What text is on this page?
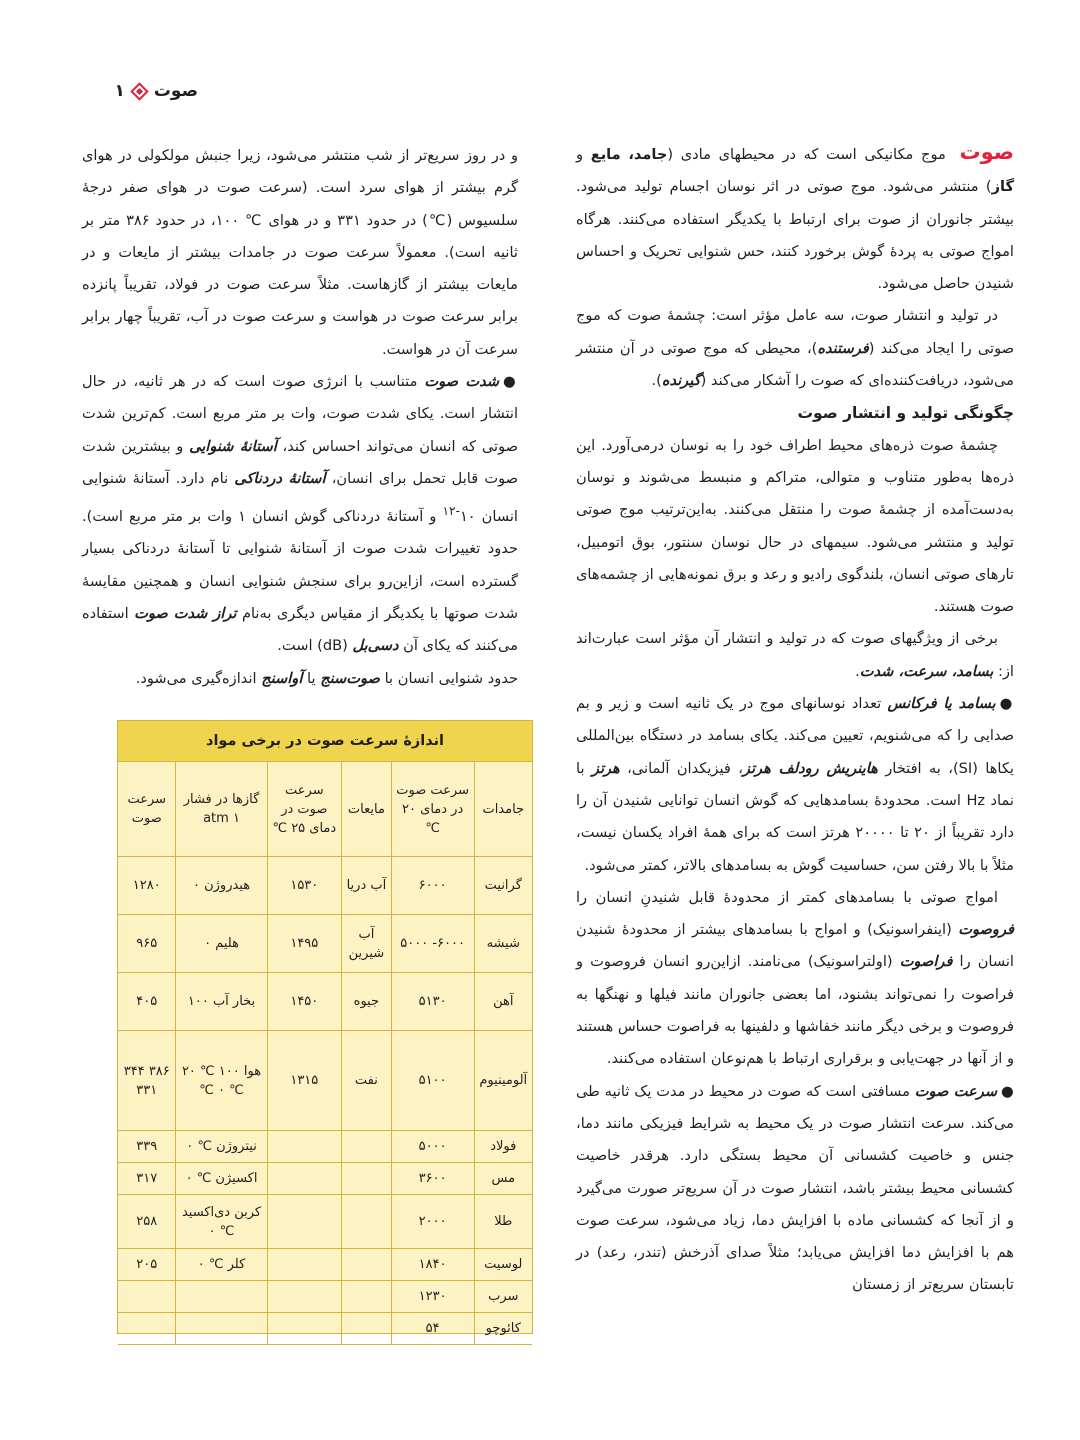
صوت
۱

صوت موج مکانیکی است که در محیطهای مادی (جامد، مایع و گاز) منتشر می‌شود. موج صوتی در اثر نوسان اجسام تولید می‌شود. بیشتر جانوران از صوت برای ارتباط با یکدیگر استفاده می‌کنند. هرگاه امواج صوتی به پردهٔ گوش برخورد کنند، حس شنوایی تحریک و احساس شنیدن حاصل می‌شود.

در تولید و انتشار صوت، سه عامل مؤثر است: چشمهٔ صوت که موج صوتی را ایجاد می‌کند (فرستنده)، محیطی که موج صوتی در آن منتشر می‌شود، دریافت‌کننده‌ای که صوت را آشکار می‌کند (گیرنده).

چگونگی تولید و انتشار صوت

چشمهٔ صوت ذره‌های محیط اطراف خود را به نوسان درمی‌آورد. این ذره‌ها به‌طور متناوب و متوالی، متراکم و منبسط می‌شوند و نوسان به‌دست‌آمده از چشمهٔ صوت را منتقل می‌کنند. به‌این‌ترتیب موج صوتی تولید و منتشر می‌شود. سیمهای در حال نوسان سنتور، بوق اتومبیل، تارهای صوتی انسان، بلندگوی رادیو و رعد و برق نمونه‌هایی از چشمه‌های صوت هستند.

برخی از ویژگیهای صوت که در تولید و انتشار آن مؤثر است عبارت‌اند از: بسامد، سرعت، شدت.

●بسامد یا فرکانس تعداد نوسانهای موج در یک ثانیه است و زیر و بم صدایی را که می‌شنویم، تعیین می‌کند. یکای بسامد در دستگاه بین‌المللی یکاها (SI)، به افتخار هاینریش رودلف هرتز، فیزیکدان آلمانی، هرتز با نماد Hz است. محدودهٔ بسامدهایی که گوش انسان توانایی شنیدن آن را دارد تقریباً از ۲۰ تا ۲۰۰۰۰ هرتز است که برای همهٔ افراد یکسان نیست، مثلاً با بالا رفتن سن، حساسیت گوش به بسامدهای بالاتر، کمتر می‌شود.

امواج صوتی با بسامدهای کمتر از محدودهٔ قابل شنیدنِ انسان را فروصوت (اینفراسونیک) و امواج با بسامدهای بیشتر از محدودهٔ شنیدن انسان را فراصوت (اولتراسونیک) می‌نامند. ازاین‌رو انسان فروصوت و فراصوت را نمی‌تواند بشنود، اما بعضی جانوران مانند فیلها و نهنگها به فروصوت و برخی دیگر مانند خفاشها و دلفینها به فراصوت حساس هستند و از آنها در جهت‌یابی و برقراری ارتباط با هم‌نوعان استفاده می‌کنند.

●سرعت صوت مسافتی است که صوت در محیط در مدت یک ثانیه طی می‌کند. سرعت انتشار صوت در یک محیط به شرایط فیزیکی مانند دما، جنس و خاصیت کشسانی آن محیط بستگی دارد. هرقدر خاصیت کشسانی محیط بیشتر باشد، انتشار صوت در آن سریع‌تر صورت می‌گیرد و از آنجا که کشسانی ماده با افزایش دما، زیاد می‌شود، سرعت صوت هم با افزایش دما افزایش می‌یابد؛ مثلاً صدای آذرخش (تندر، رعد) در تابستان سریع‌تر از زمستان

و در روز سریع‌تر از شب منتشر می‌شود، زیرا جنبش مولکولی در هوای گرم بیشتر از هوای سرد است. (سرعت صوت در هوای صفر درجهٔ سلسیوس (℃) در حدود ۳۳۱ و در هوای ℃ ۱۰۰، در حدود ۳۸۶ متر بر ثانیه است). معمولاً سرعت صوت در جامدات بیشتر از مایعات و در مایعات بیشتر از گازهاست. مثلاً سرعت صوت در فولاد، تقریباً پانزده برابر سرعت صوت در هواست و سرعت صوت در آب، تقریباً چهار برابر سرعت آن در هواست.

●شدت صوت متناسب با انرژی صوت است که در هر ثانیه، در حال انتشار است. یکای شدت صوت، وات بر متر مربع است. کم‌ترین شدت صوتی که انسان می‌تواند احساس کند، آستانهٔ شنوایی و بیشترین شدت صوت قابل تحمل برای انسان، آستانهٔ دردناکی نام دارد. آستانهٔ شنوایی انسان $۱۰^{-۱۲}$ و آستانهٔ دردناکی گوش انسان ۱ وات بر متر مربع است). حدود تغییرات شدت صوت از آستانهٔ شنوایی تا آستانهٔ دردناکی بسیار گسترده است، ازاین‌رو برای سنجش شنوایی انسان و همچنین مقایسهٔ شدت صوتها با یکدیگر از مقیاس دیگری به‌نام تراز شدت صوت استفاده می‌کنند که یکای آن دسی‌بل (dB) است.

حدود شنوایی انسان با صوت‌سنج یا آواسنج اندازه‌گیری می‌شود.

اندازهٔ سرعت صوت در برخی مواد
جامدات	سرعت صوت در دمای ۲۰ ℃	مایعات	سرعت صوت در دمای ۲۵ ℃	گازها در فشار ۱ atm	سرعت صوت
گرانیت	۶۰۰۰	آب دریا	۱۵۳۰	هیدروژن ۰	۱۲۸۰
شیشه	۶۰۰۰- ۵۰۰۰	آب شیرین	۱۴۹۵	هلیم ۰	۹۶۵
آهن	۵۱۳۰	جیوه	۱۴۵۰	بخار آب ۱۰۰	۴۰۵
آلومینیوم	۵۱۰۰	نفت	۱۳۱۵	هوا ۱۰۰ ℃ ۲۰ ℃ ۰ ℃	۳۸۶ ۳۴۴ ۳۳۱
فولاد	۵۰۰۰			نیتروژن ℃ ۰	۳۳۹
مس	۳۶۰۰			اکسیژن ℃ ۰	۳۱۷
طلا	۲۰۰۰			کربن دی‌اکسید ℃ ۰	۲۵۸
لوسیت	۱۸۴۰			کلر ℃ ۰	۲۰۵
سرب	۱۲۳۰				
کائوچو	۵۴				
​
